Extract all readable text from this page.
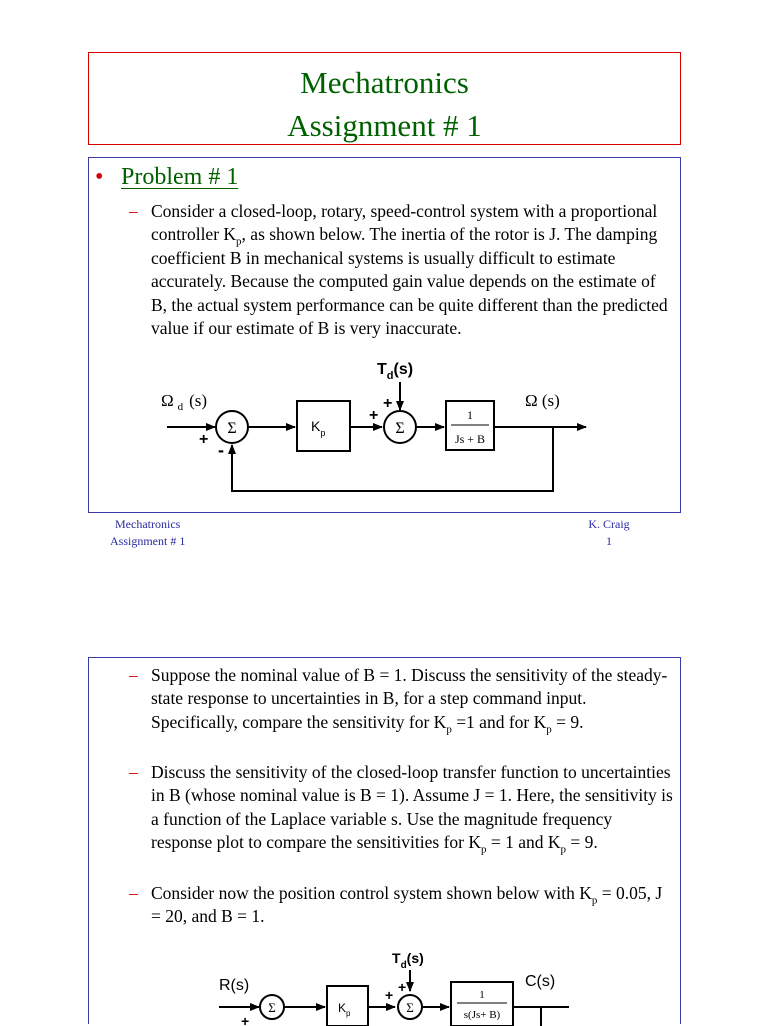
Mechatronics
Assignment # 1
• Problem # 1
– Consider a closed-loop, rotary, speed-control system with a proportional controller $K_p$, as shown below. The inertia of the rotor is J. The damping coefficient B in mechanical systems is usually difficult to estimate accurately. Because the computed gain value depends on the estimate of B, the actual system performance can be quite different than the predicted value if our estimate of B is very inaccurate.
$T_d(s)$
+
Ω $_d$ (s)
+
-
Σ	$K_p$
+
Σ
1
Js + B
Ω (s)
Mechatronics
Assignment # 1
K. Craig
1
– Suppose the nominal value of B = 1. Discuss the sensitivity of the steady-state response to uncertainties in B, for a step command input. Specifically, compare the sensitivity for $K_p =1$ and for $K_p = 9$.
– Discuss the sensitivity of the closed-loop transfer function to uncertainties in B (whose nominal value is B = 1). Assume J = 1. Here, the sensitivity is a function of the Laplace variable s. Use the magnitude frequency response plot to compare the sensitivities for $K_p = 1$ and $K_p = 9$.
– Consider now the position control system shown below with $K_p = 0.05$, J = 20, and B = 1.
$T_d(s)$
+
R(s)
+
Σ	$K_p$
+
Σ
1
s(Js+ B)
C(s)
